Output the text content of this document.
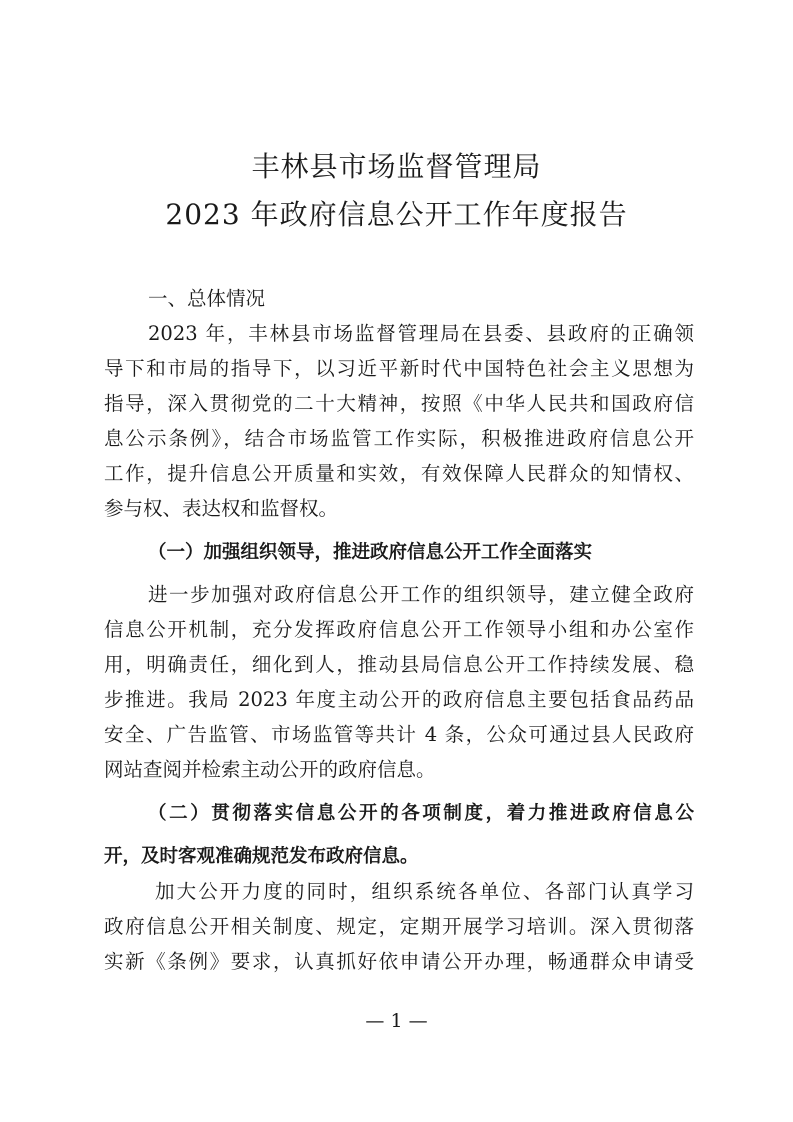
丰林县市场监督管理局
2023 年政府信息公开工作年度报告
一、总体情况
2023 年，丰林县市场监督管理局在县委、县政府的正确领
导下和市局的指导下，以习近平新时代中国特色社会主义思想为
指导，深入贯彻党的二十大精神，按照《中华人民共和国政府信
息公示条例》，结合市场监管工作实际，积极推进政府信息公开
工作，提升信息公开质量和实效，有效保障人民群众的知情权、
参与权、表达权和监督权。
（一）加强组织领导，推进政府信息公开工作全面落实
进一步加强对政府信息公开工作的组织领导，建立健全政府
信息公开机制，充分发挥政府信息公开工作领导小组和办公室作
用，明确责任，细化到人，推动县局信息公开工作持续发展、稳
步推进。我局 2023 年度主动公开的政府信息主要包括食品药品
安全、广告监管、市场监管等共计 4 条，公众可通过县人民政府
网站查阅并检索主动公开的政府信息。
（二）贯彻落实信息公开的各项制度，着力推进政府信息公
开，及时客观准确规范发布政府信息。
加大公开力度的同时，组织系统各单位、各部门认真学习
政府信息公开相关制度、规定，定期开展学习培训。深入贯彻落
实新《条例》要求，认真抓好依申请公开办理，畅通群众申请受
— 1 —
